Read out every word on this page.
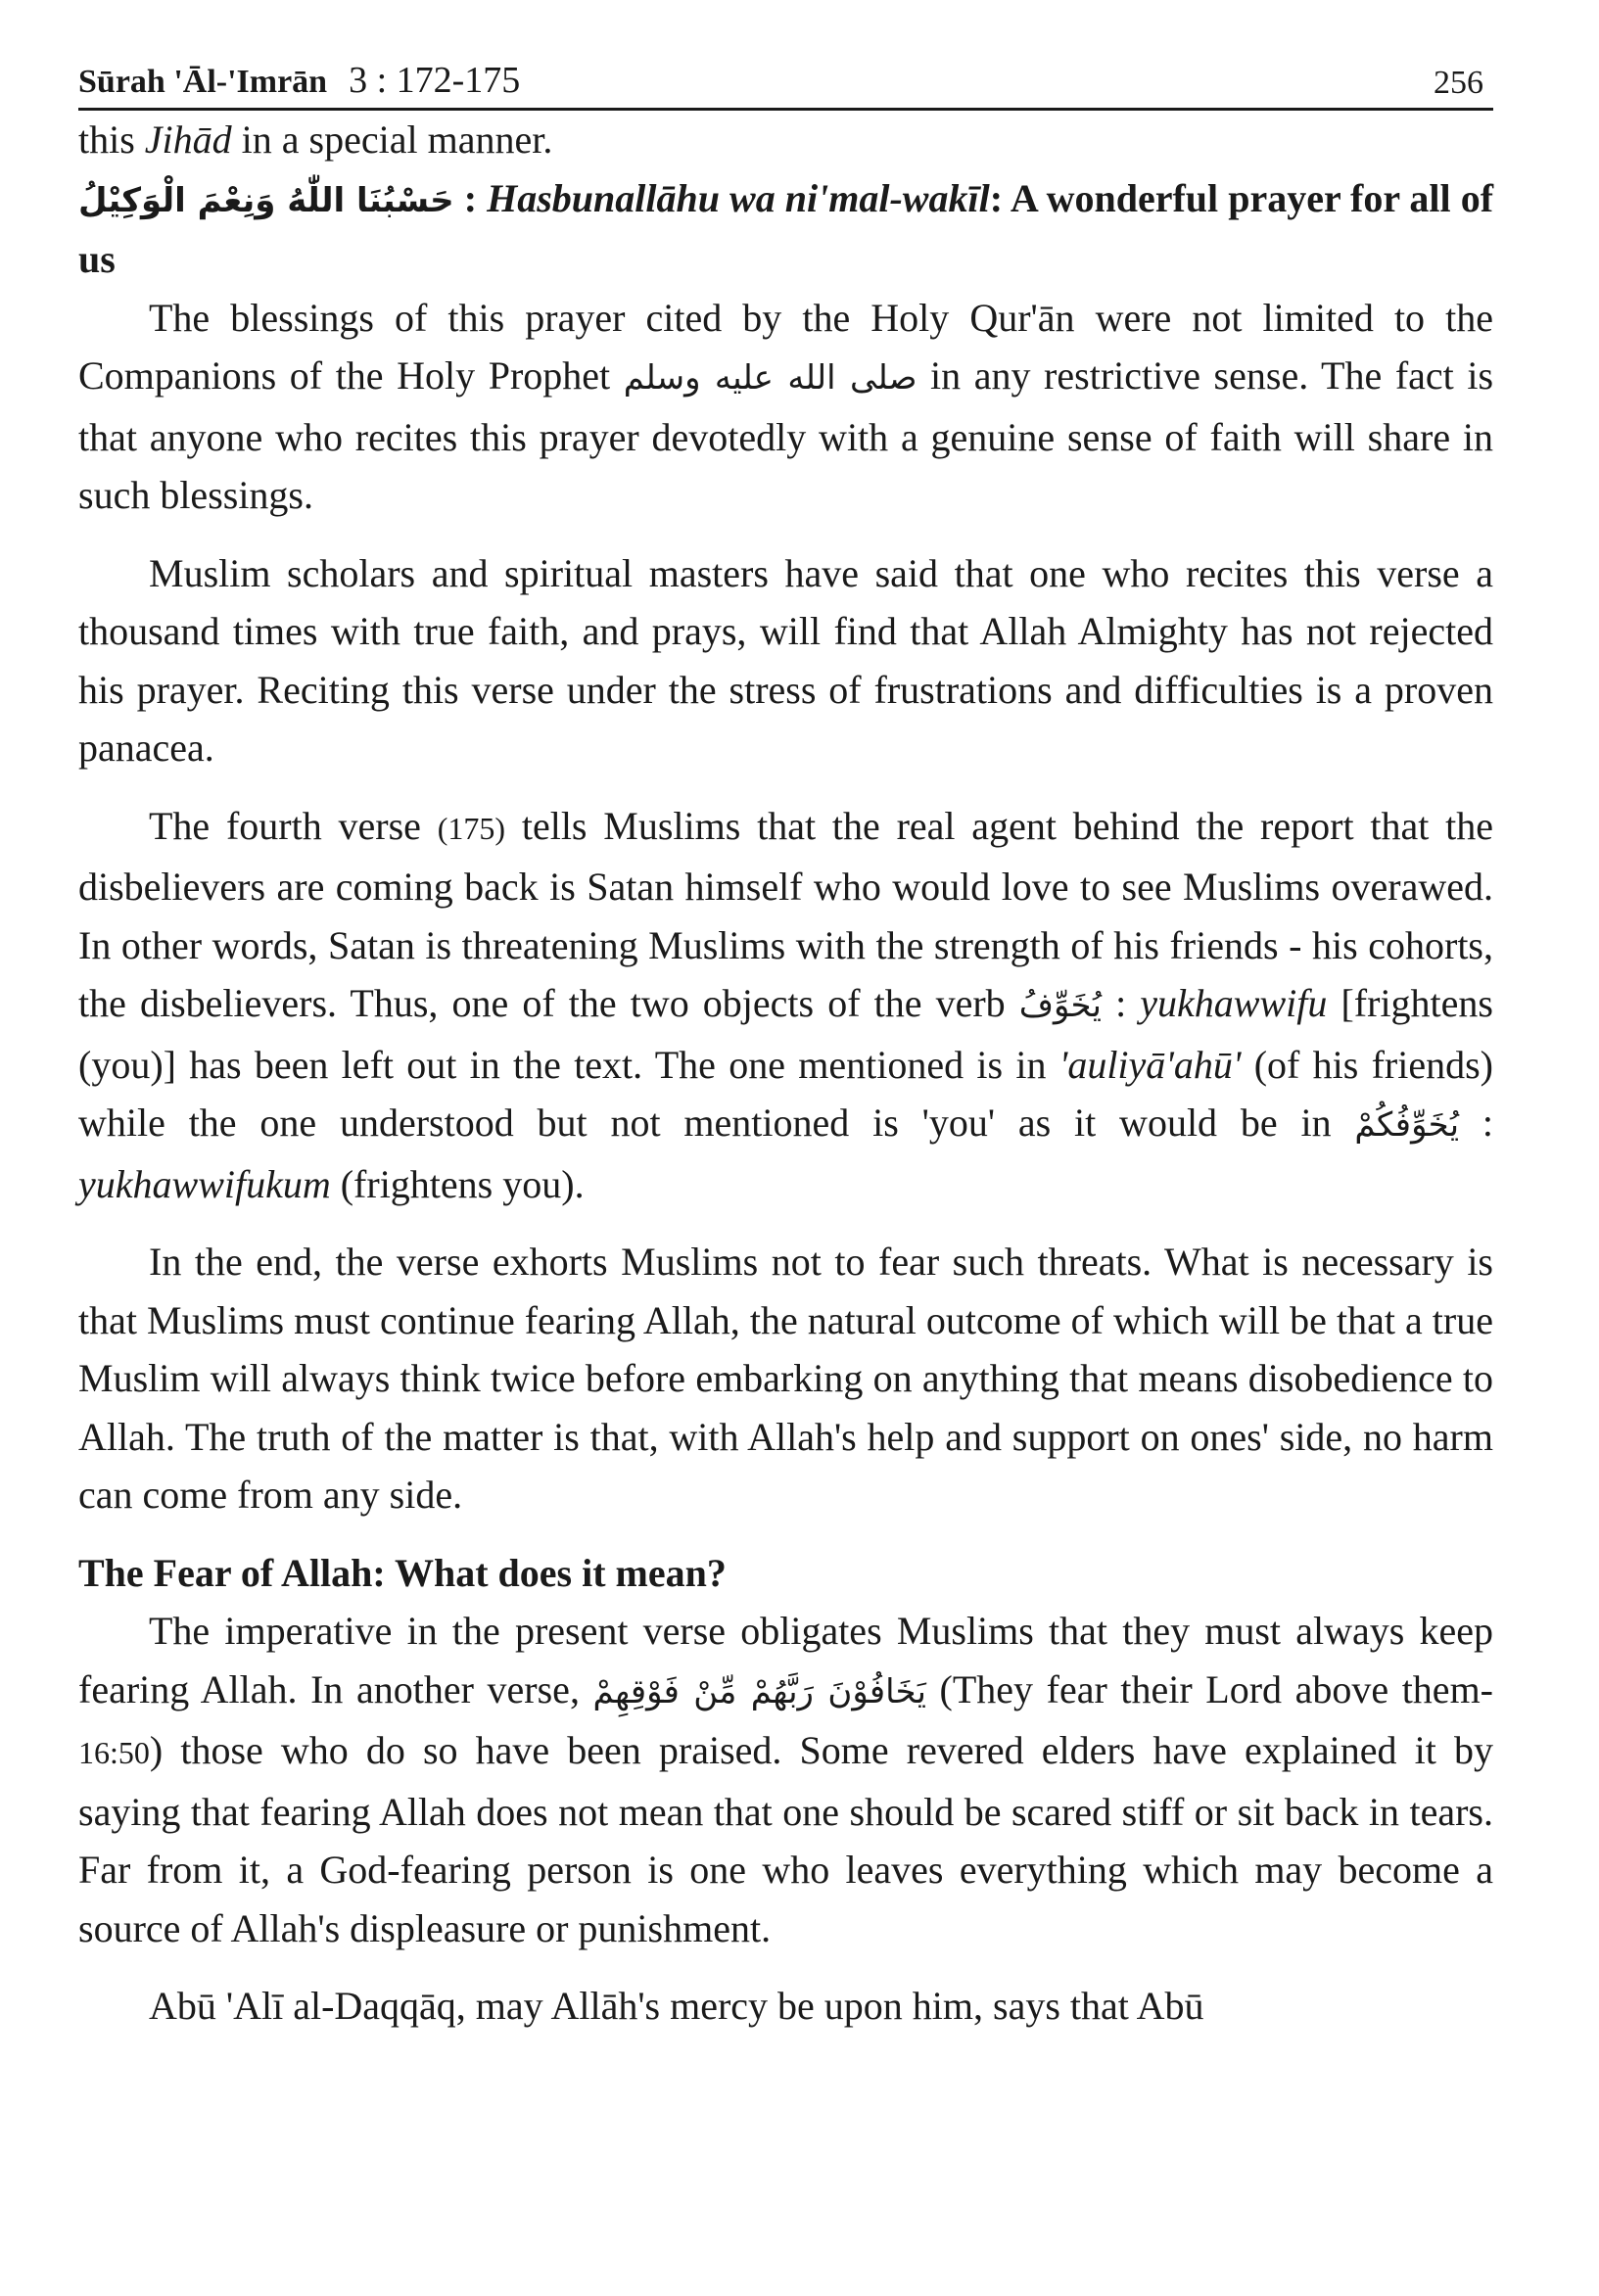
Sūrah 'Āl-'Imrān 3 : 172-175	256

this Jihād in a special manner.

حَسْبُنَا اللّٰهُ وَنِعْمَ الْوَكِيْلُ : Hasbunallāhu wa ni'mal-wakīl: A wonderful prayer for all of us

The blessings of this prayer cited by the Holy Qur'ān were not limited to the Companions of the Holy Prophet صلى الله عليه وسلم in any restrictive sense. The fact is that anyone who recites this prayer devotedly with a genuine sense of faith will share in such blessings.

Muslim scholars and spiritual masters have said that one who recites this verse a thousand times with true faith, and prays, will find that Allah Almighty has not rejected his prayer. Reciting this verse under the stress of frustrations and difficulties is a proven panacea.

The fourth verse (175) tells Muslims that the real agent behind the report that the disbelievers are coming back is Satan himself who would love to see Muslims overawed. In other words, Satan is threatening Muslims with the strength of his friends - his cohorts, the disbelievers. Thus, one of the two objects of the verb يُخَوِّفُ : yukhawwifu [frightens (you)] has been left out in the text. The one mentioned is in 'auliyā'ahū' (of his friends) while the one understood but not mentioned is 'you' as it would be in يُخَوِّفُكُمْ : yukhawwifukum (frightens you).

In the end, the verse exhorts Muslims not to fear such threats. What is necessary is that Muslims must continue fearing Allah, the natural outcome of which will be that a true Muslim will always think twice before embarking on anything that means disobedience to Allah. The truth of the matter is that, with Allah's help and support on ones' side, no harm can come from any side.

The Fear of Allah: What does it mean?

The imperative in the present verse obligates Muslims that they must always keep fearing Allah. In another verse, يَخَافُوْنَ رَبَّهُمْ مِّنْ فَوْقِهِمْ (They fear their Lord above them-16:50) those who do so have been praised. Some revered elders have explained it by saying that fearing Allah does not mean that one should be scared stiff or sit back in tears. Far from it, a God-fearing person is one who leaves everything which may become a source of Allah's displeasure or punishment.

Abū 'Alī al-Daqqāq, may Allāh's mercy be upon him, says that Abū
